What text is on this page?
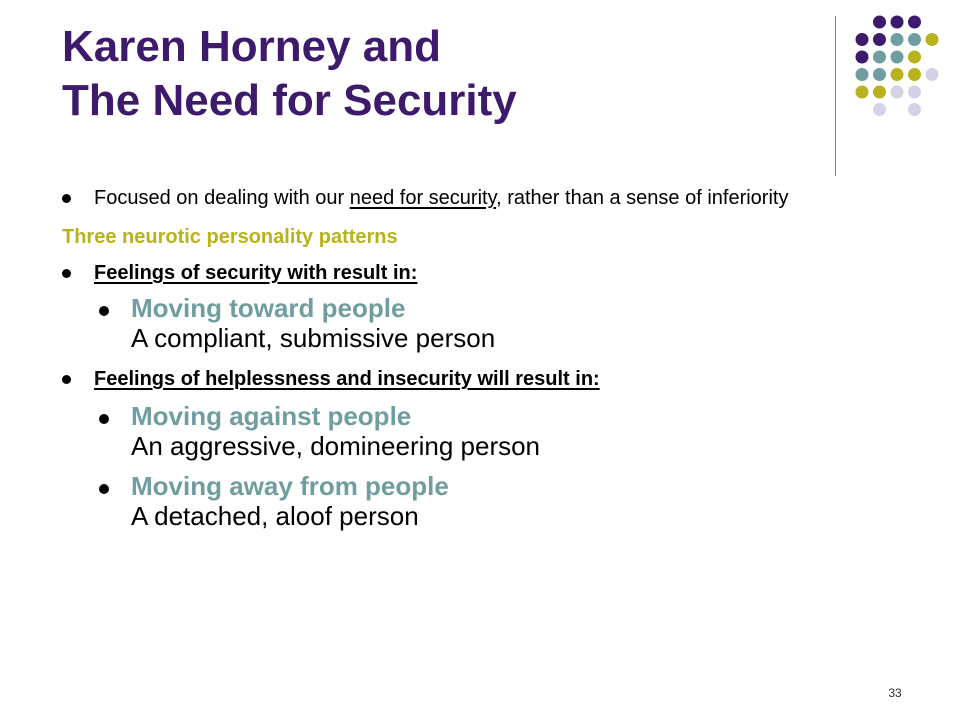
Karen Horney and
The Need for Security
Focused on dealing with our need for security, rather than a sense of inferiority
Three neurotic personality patterns
Feelings of security with result in:
Moving toward people
A compliant, submissive person
Feelings of helplessness and insecurity will result in:
Moving against people
An aggressive, domineering person
Moving away from people
A detached, aloof person
33
